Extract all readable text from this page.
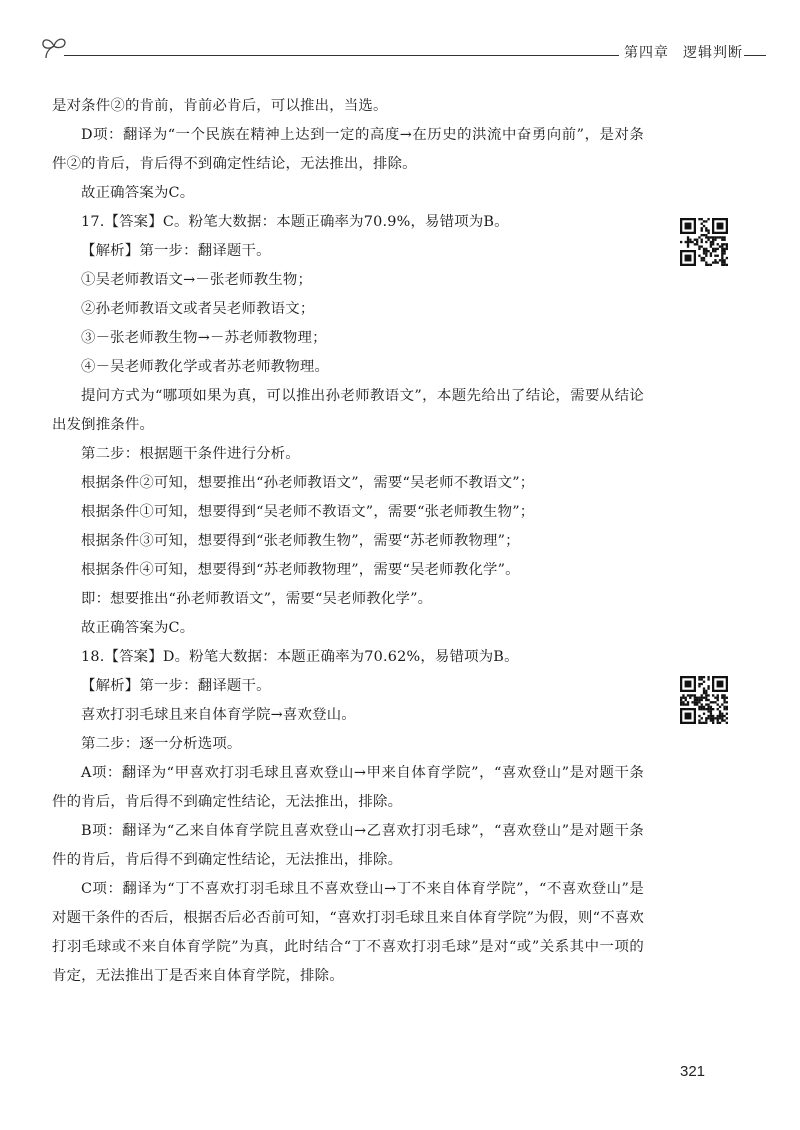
第四章 逻辑判断

是对条件②的肯前，肯前必肯后，可以推出，当选。

D项：翻译为“一个民族在精神上达到一定的高度→在历史的洪流中奋勇向前”，是对条件②的肯后，肯后得不到确定性结论，无法推出，排除。

故正确答案为C。

17.【答案】C。粉笔大数据：本题正确率为70.9%，易错项为B。

【解析】第一步：翻译题干。

①吴老师教语文→－张老师教生物；

②孙老师教语文或者吴老师教语文；

③－张老师教生物→－苏老师教物理；

④－吴老师教化学或者苏老师教物理。

提问方式为“哪项如果为真，可以推出孙老师教语文”，本题先给出了结论，需要从结论出发倒推条件。

第二步：根据题干条件进行分析。

根据条件②可知，想要推出“孙老师教语文”，需要“吴老师不教语文”；

根据条件①可知，想要得到“吴老师不教语文”，需要“张老师教生物”；

根据条件③可知，想要得到“张老师教生物”，需要“苏老师教物理”；

根据条件④可知，想要得到“苏老师教物理”，需要“吴老师教化学”。

即：想要推出“孙老师教语文”，需要“吴老师教化学”。

故正确答案为C。

18.【答案】D。粉笔大数据：本题正确率为70.62%，易错项为B。

【解析】第一步：翻译题干。

喜欢打羽毛球且来自体育学院→喜欢登山。

第二步：逐一分析选项。

A项：翻译为“甲喜欢打羽毛球且喜欢登山→甲来自体育学院”，“喜欢登山”是对题干条件的肯后，肯后得不到确定性结论，无法推出，排除。

B项：翻译为“乙来自体育学院且喜欢登山→乙喜欢打羽毛球”，“喜欢登山”是对题干条件的肯后，肯后得不到确定性结论，无法推出，排除。

C项：翻译为“丁不喜欢打羽毛球且不喜欢登山→丁不来自体育学院”，“不喜欢登山”是对题干条件的否后，根据否后必否前可知，“喜欢打羽毛球且来自体育学院”为假，则“不喜欢打羽毛球或不来自体育学院”为真，此时结合“丁不喜欢打羽毛球”是对“或”关系其中一项的肯定，无法推出丁是否来自体育学院，排除。

321
